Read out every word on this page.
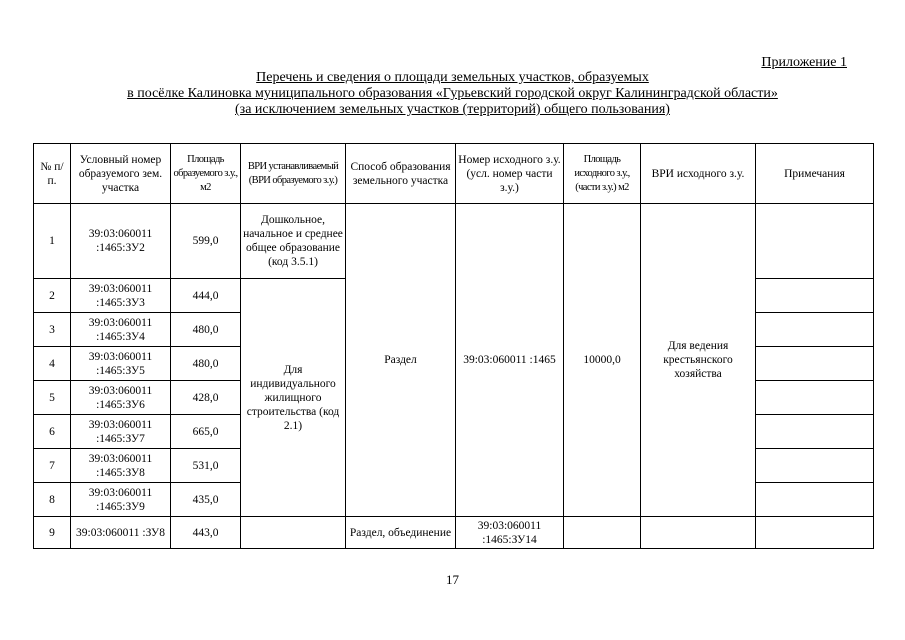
Приложение 1
Перечень и сведения о площади земельных участков, образуемых
в посёлке Калиновка муниципального образования «Гурьевский городской округ Калининградской области»
(за исключением земельных участков (территорий) общего пользования)
№ п/п.	Условный номер образуемого зем. участка	Площадь образуемого з.у., м2	ВРИ устанавливаемый (ВРИ образуемого з.у.)	Способ образования земельного участка	Номер исходного з.у. (усл. номер части з.у.)	Площадь исходного з.у., (части з.у.) м2	ВРИ исходного з.у.	Примечания
1	39:03:060011 :1465:ЗУ2	599,0	Дошкольное, начальное и среднее общее образование (код 3.5.1)	Раздел	39:03:060011 :1465	10000,0	Для ведения крестьянского хозяйства	
2	39:03:060011 :1465:ЗУ3	444,0	Для индивидуального жилищного строительства (код 2.1)					
3	39:03:060011 :1465:ЗУ4	480,0						
4	39:03:060011 :1465:ЗУ5	480,0						
5	39:03:060011 :1465:ЗУ6	428,0						
6	39:03:060011 :1465:ЗУ7	665,0						
7	39:03:060011 :1465:ЗУ8	531,0						
8	39:03:060011 :1465:ЗУ9	435,0						
9	39:03:060011 :ЗУ8	443,0		Раздел, объединение	39:03:060011 :1465:ЗУ14			
17
